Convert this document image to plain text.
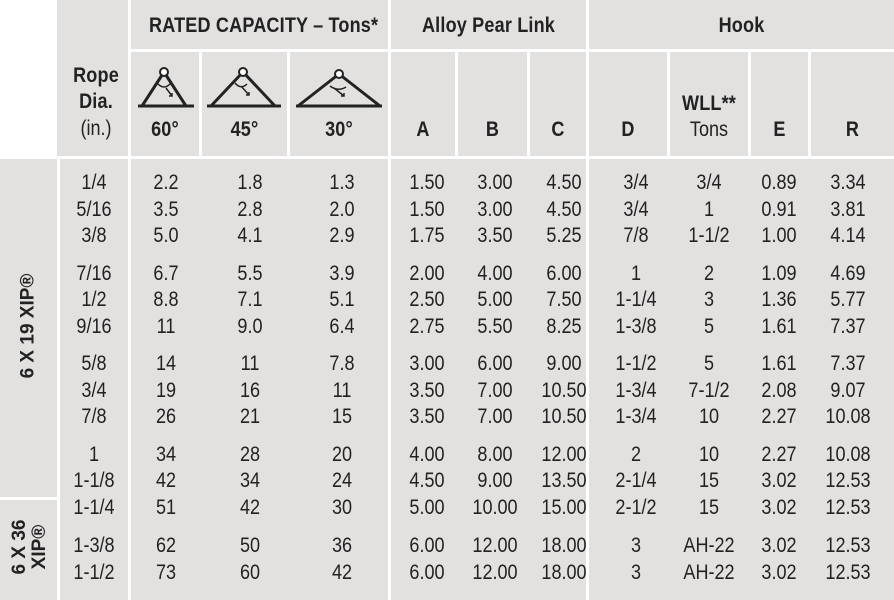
RATED CAPACITY – Tons*	Alloy Pear Link	Hook
Rope
Dia.
(in.)	60°	45°	30°	A	B	C	D
WLL**
Tons	E	R
6 X 19 XIP®
6 X 36 XIP®
1/4	2.2	1.8	1.3	1.50	3.00	4.50	3/4	3/4	0.89	3.34
5/16	3.5	2.8	2.0	1.50	3.00	4.50	3/4	1	0.91	3.81
3/8	5.0	4.1	2.9	1.75	3.50	5.25	7/8	1-1/2	1.00	4.14
7/16	6.7	5.5	3.9	2.00	4.00	6.00	1	2	1.09	4.69
1/2	8.8	7.1	5.1	2.50	5.00	7.50	1-1/4	3	1.36	5.77
9/16	11	9.0	6.4	2.75	5.50	8.25	1-3/8	5	1.61	7.37
5/8	14	11	7.8	3.00	6.00	9.00	1-1/2	5	1.61	7.37
3/4	19	16	11	3.50	7.00	10.50	1-3/4	7-1/2	2.08	9.07
7/8	26	21	15	3.50	7.00	10.50	1-3/4	10	2.27	10.08
1	34	28	20	4.00	8.00	12.00	2	10	2.27	10.08
1-1/8	42	34	24	4.50	9.00	13.50	2-1/4	15	3.02	12.53
1-1/4	51	42	30	5.00	10.00 15.00	2-1/2	15	3.02	12.53
1-3/8	62	50	36	6.00	12.00 18.00	3	AH-22	3.02	12.53
1-1/2	73	60	42	6.00	12.00 18.00	3	AH-22	3.02	12.53
